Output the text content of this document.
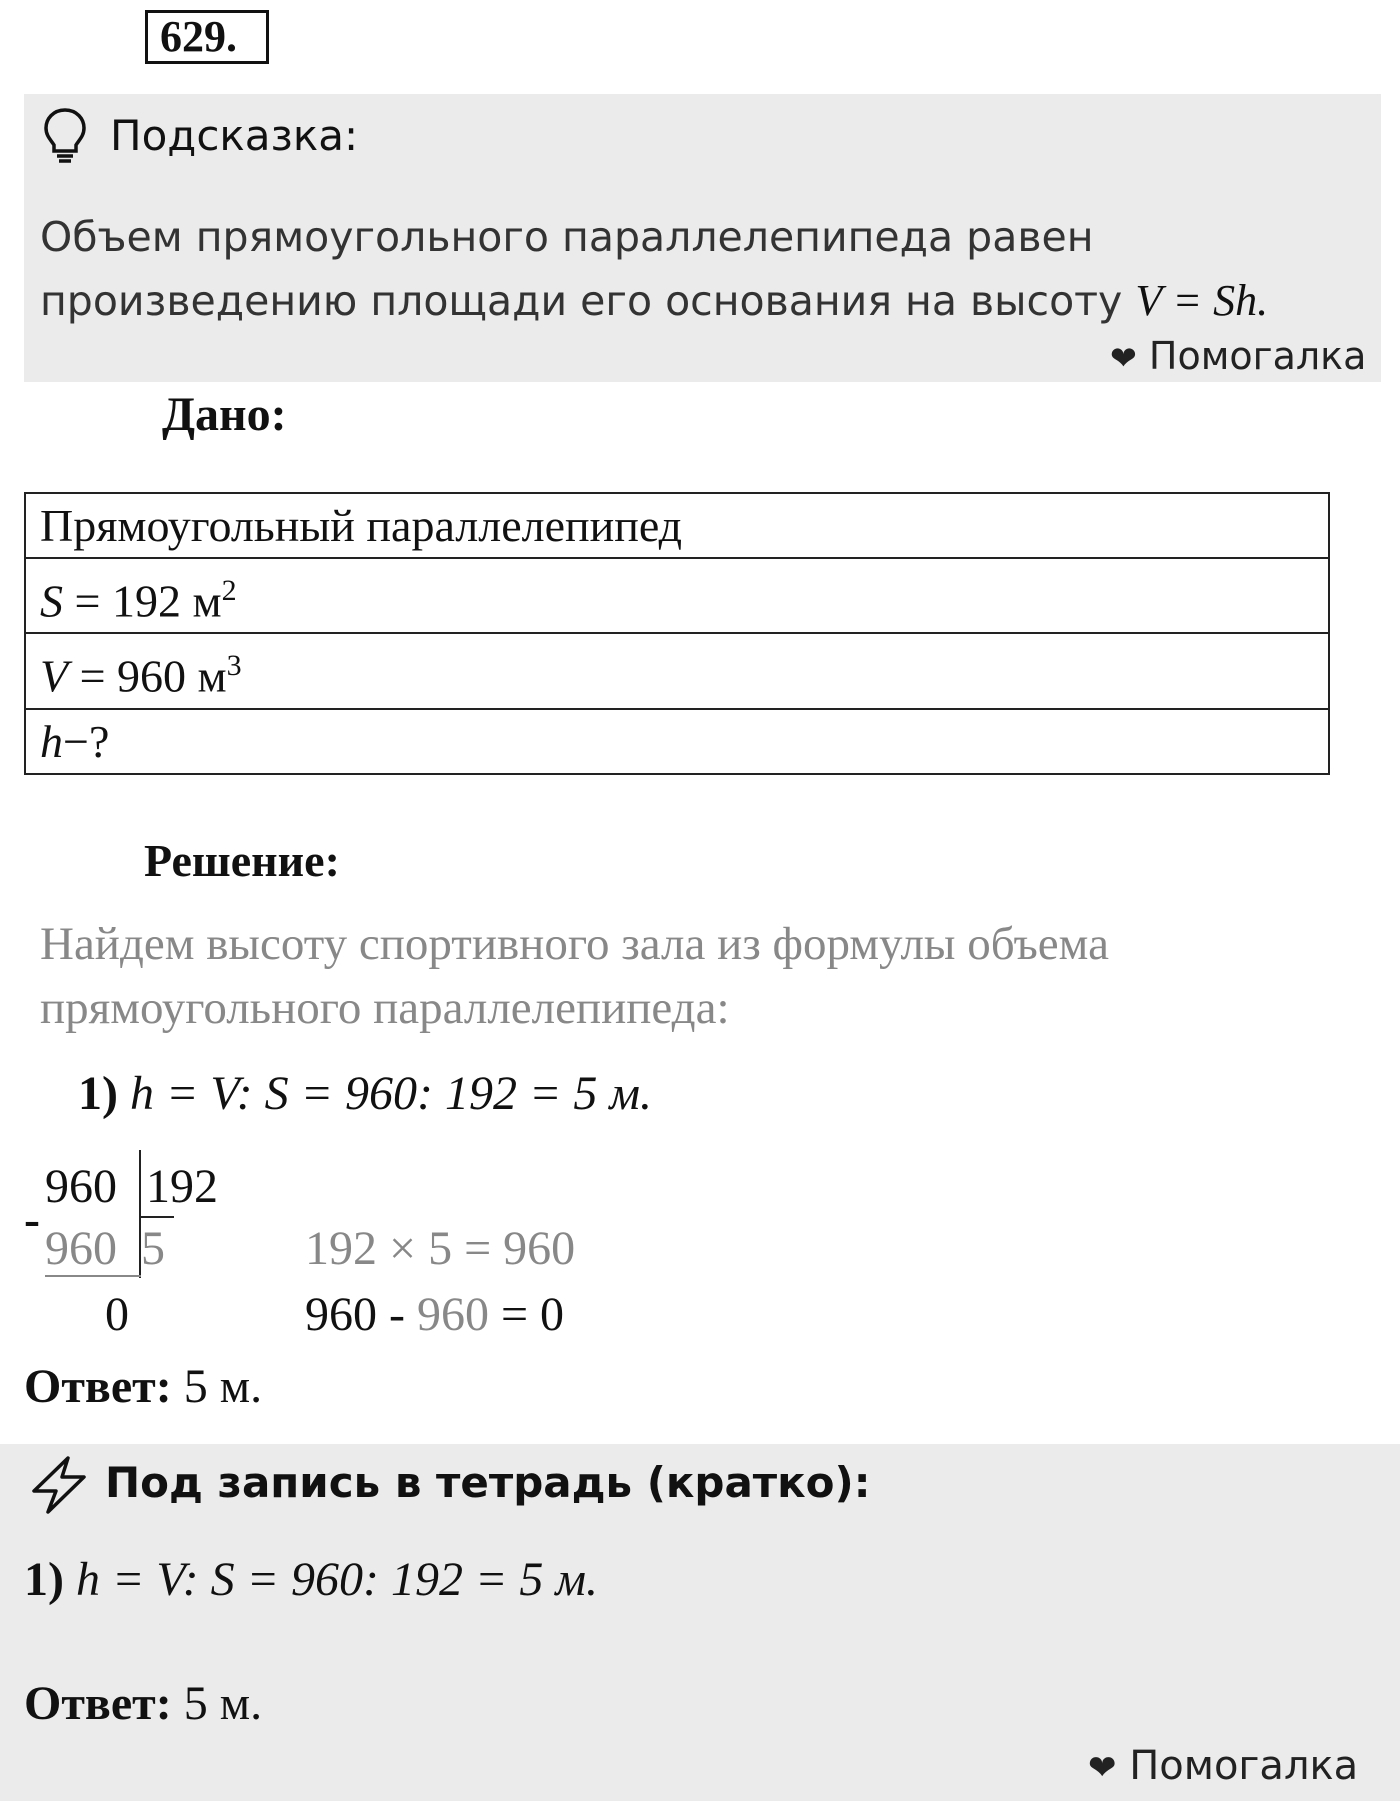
629.
Подсказка:
Объем прямоугольного параллелепипеда равен
произведению площади его основания на высоту V = Sh.
❤ Помогалка
Дано:
Прямоугольный параллелепипед
S = 192 $м^2$
V = 960 $м^3$
h−?
Решение:
Найдем высоту спортивного зала из формулы объема
прямоугольного параллелепипеда:
1) h = V: S = 960: 192 = 5 м.
960 192
-
960 5
0
192 × 5 = 960
960 - 960 = 0
Ответ: 5 м.
Под запись в тетрадь (кратко):
1) h = V: S = 960: 192 = 5 м.
Ответ: 5 м.
❤ Помогалка
